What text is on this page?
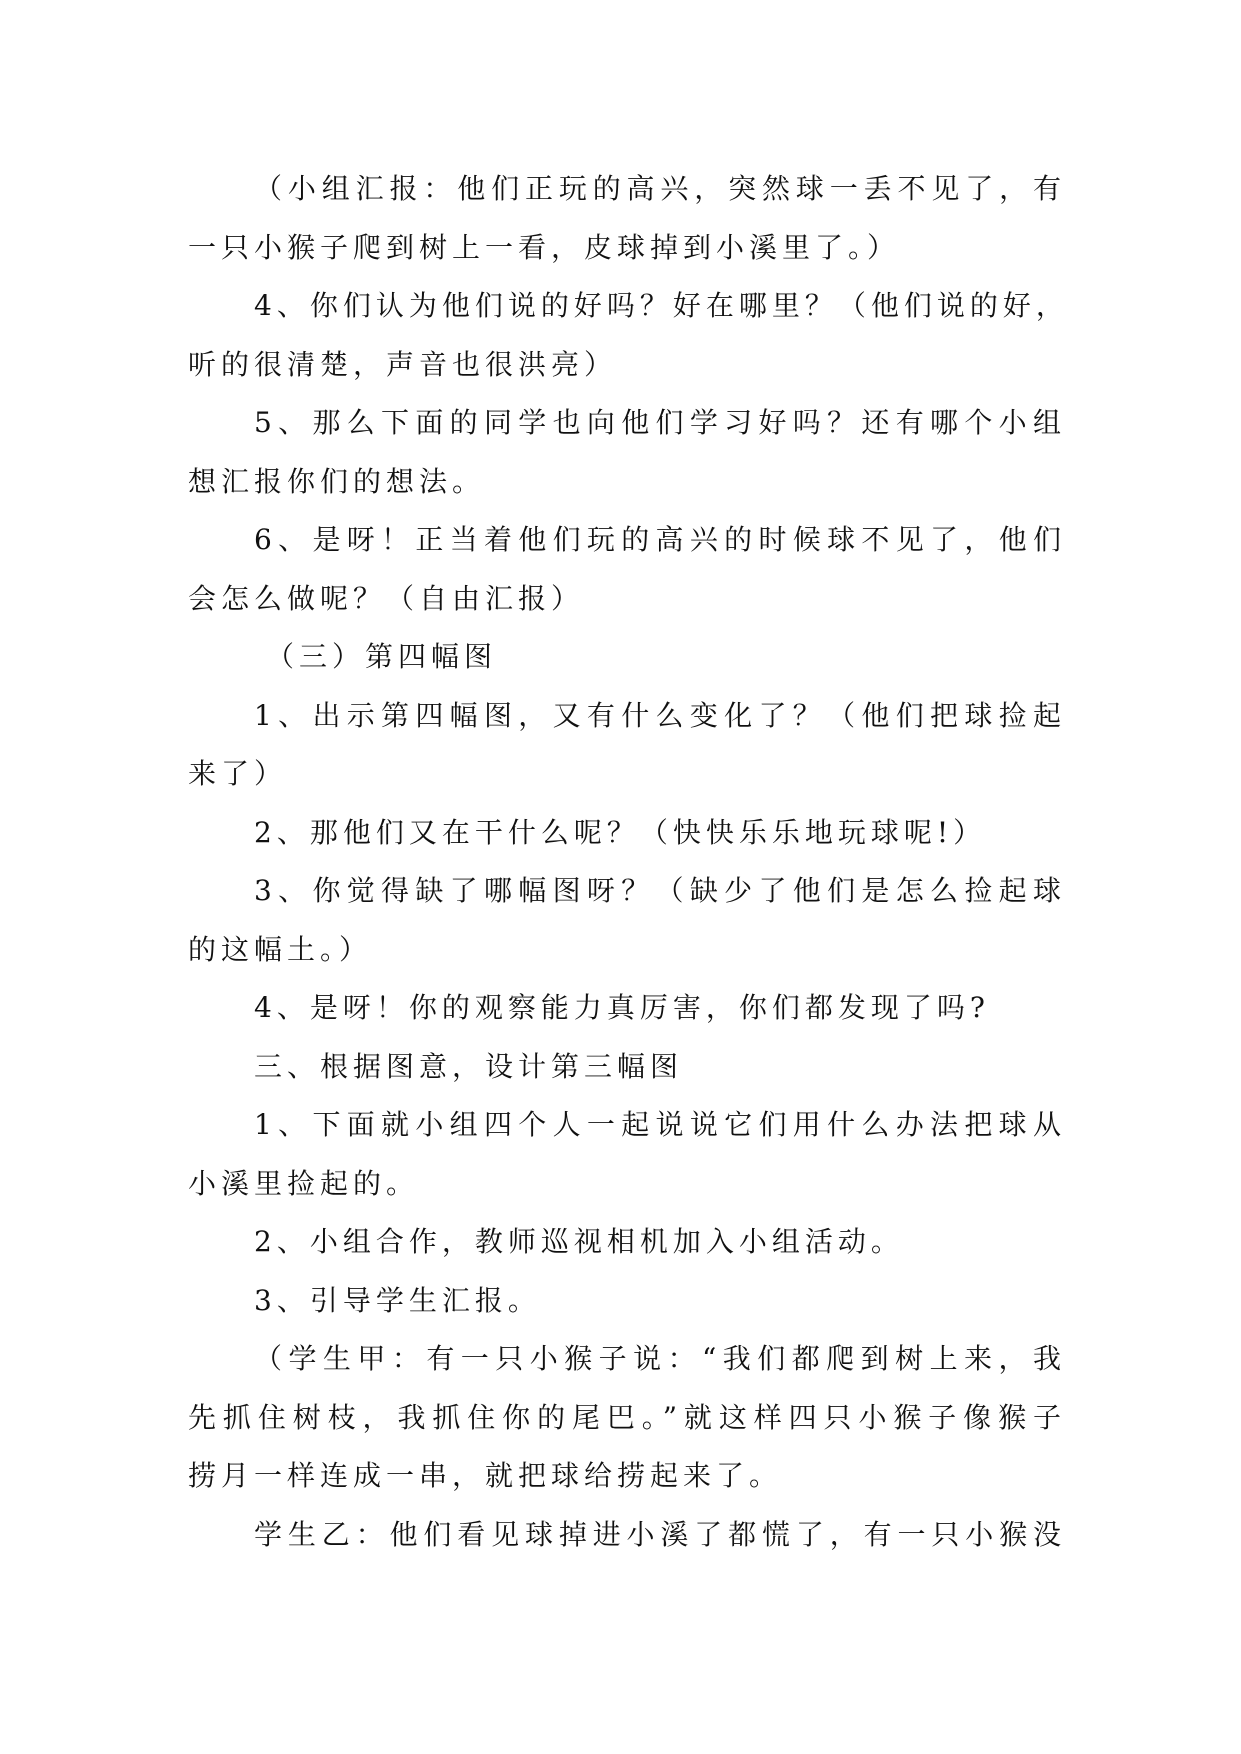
（小组汇报：他们正玩的高兴，突然球一丢不见了，有
一只小猴子爬到树上一看，皮球掉到小溪里了。）
4、你们认为他们说的好吗？好在哪里？（他们说的好，
听的很清楚，声音也很洪亮）
5、那么下面的同学也向他们学习好吗？还有哪个小组
想汇报你们的想法。
6、是呀！正当着他们玩的高兴的时候球不见了，他们
会怎么做呢？（自由汇报）
（三）第四幅图
1、出示第四幅图，又有什么变化了？（他们把球捡起
来了）
2、那他们又在干什么呢？（快快乐乐地玩球呢!）
3、你觉得缺了哪幅图呀？（缺少了他们是怎么捡起球
的这幅土。）
4、是呀！你的观察能力真厉害，你们都发现了吗?
三、根据图意，设计第三幅图
1、下面就小组四个人一起说说它们用什么办法把球从
小溪里捡起的。
2、小组合作，教师巡视相机加入小组活动。
3、引导学生汇报。
（学生甲：有一只小猴子说：“我们都爬到树上来，我
先抓住树枝，我抓住你的尾巴。”就这样四只小猴子像猴子
捞月一样连成一串，就把球给捞起来了。
学生乙：他们看见球掉进小溪了都慌了，有一只小猴没
